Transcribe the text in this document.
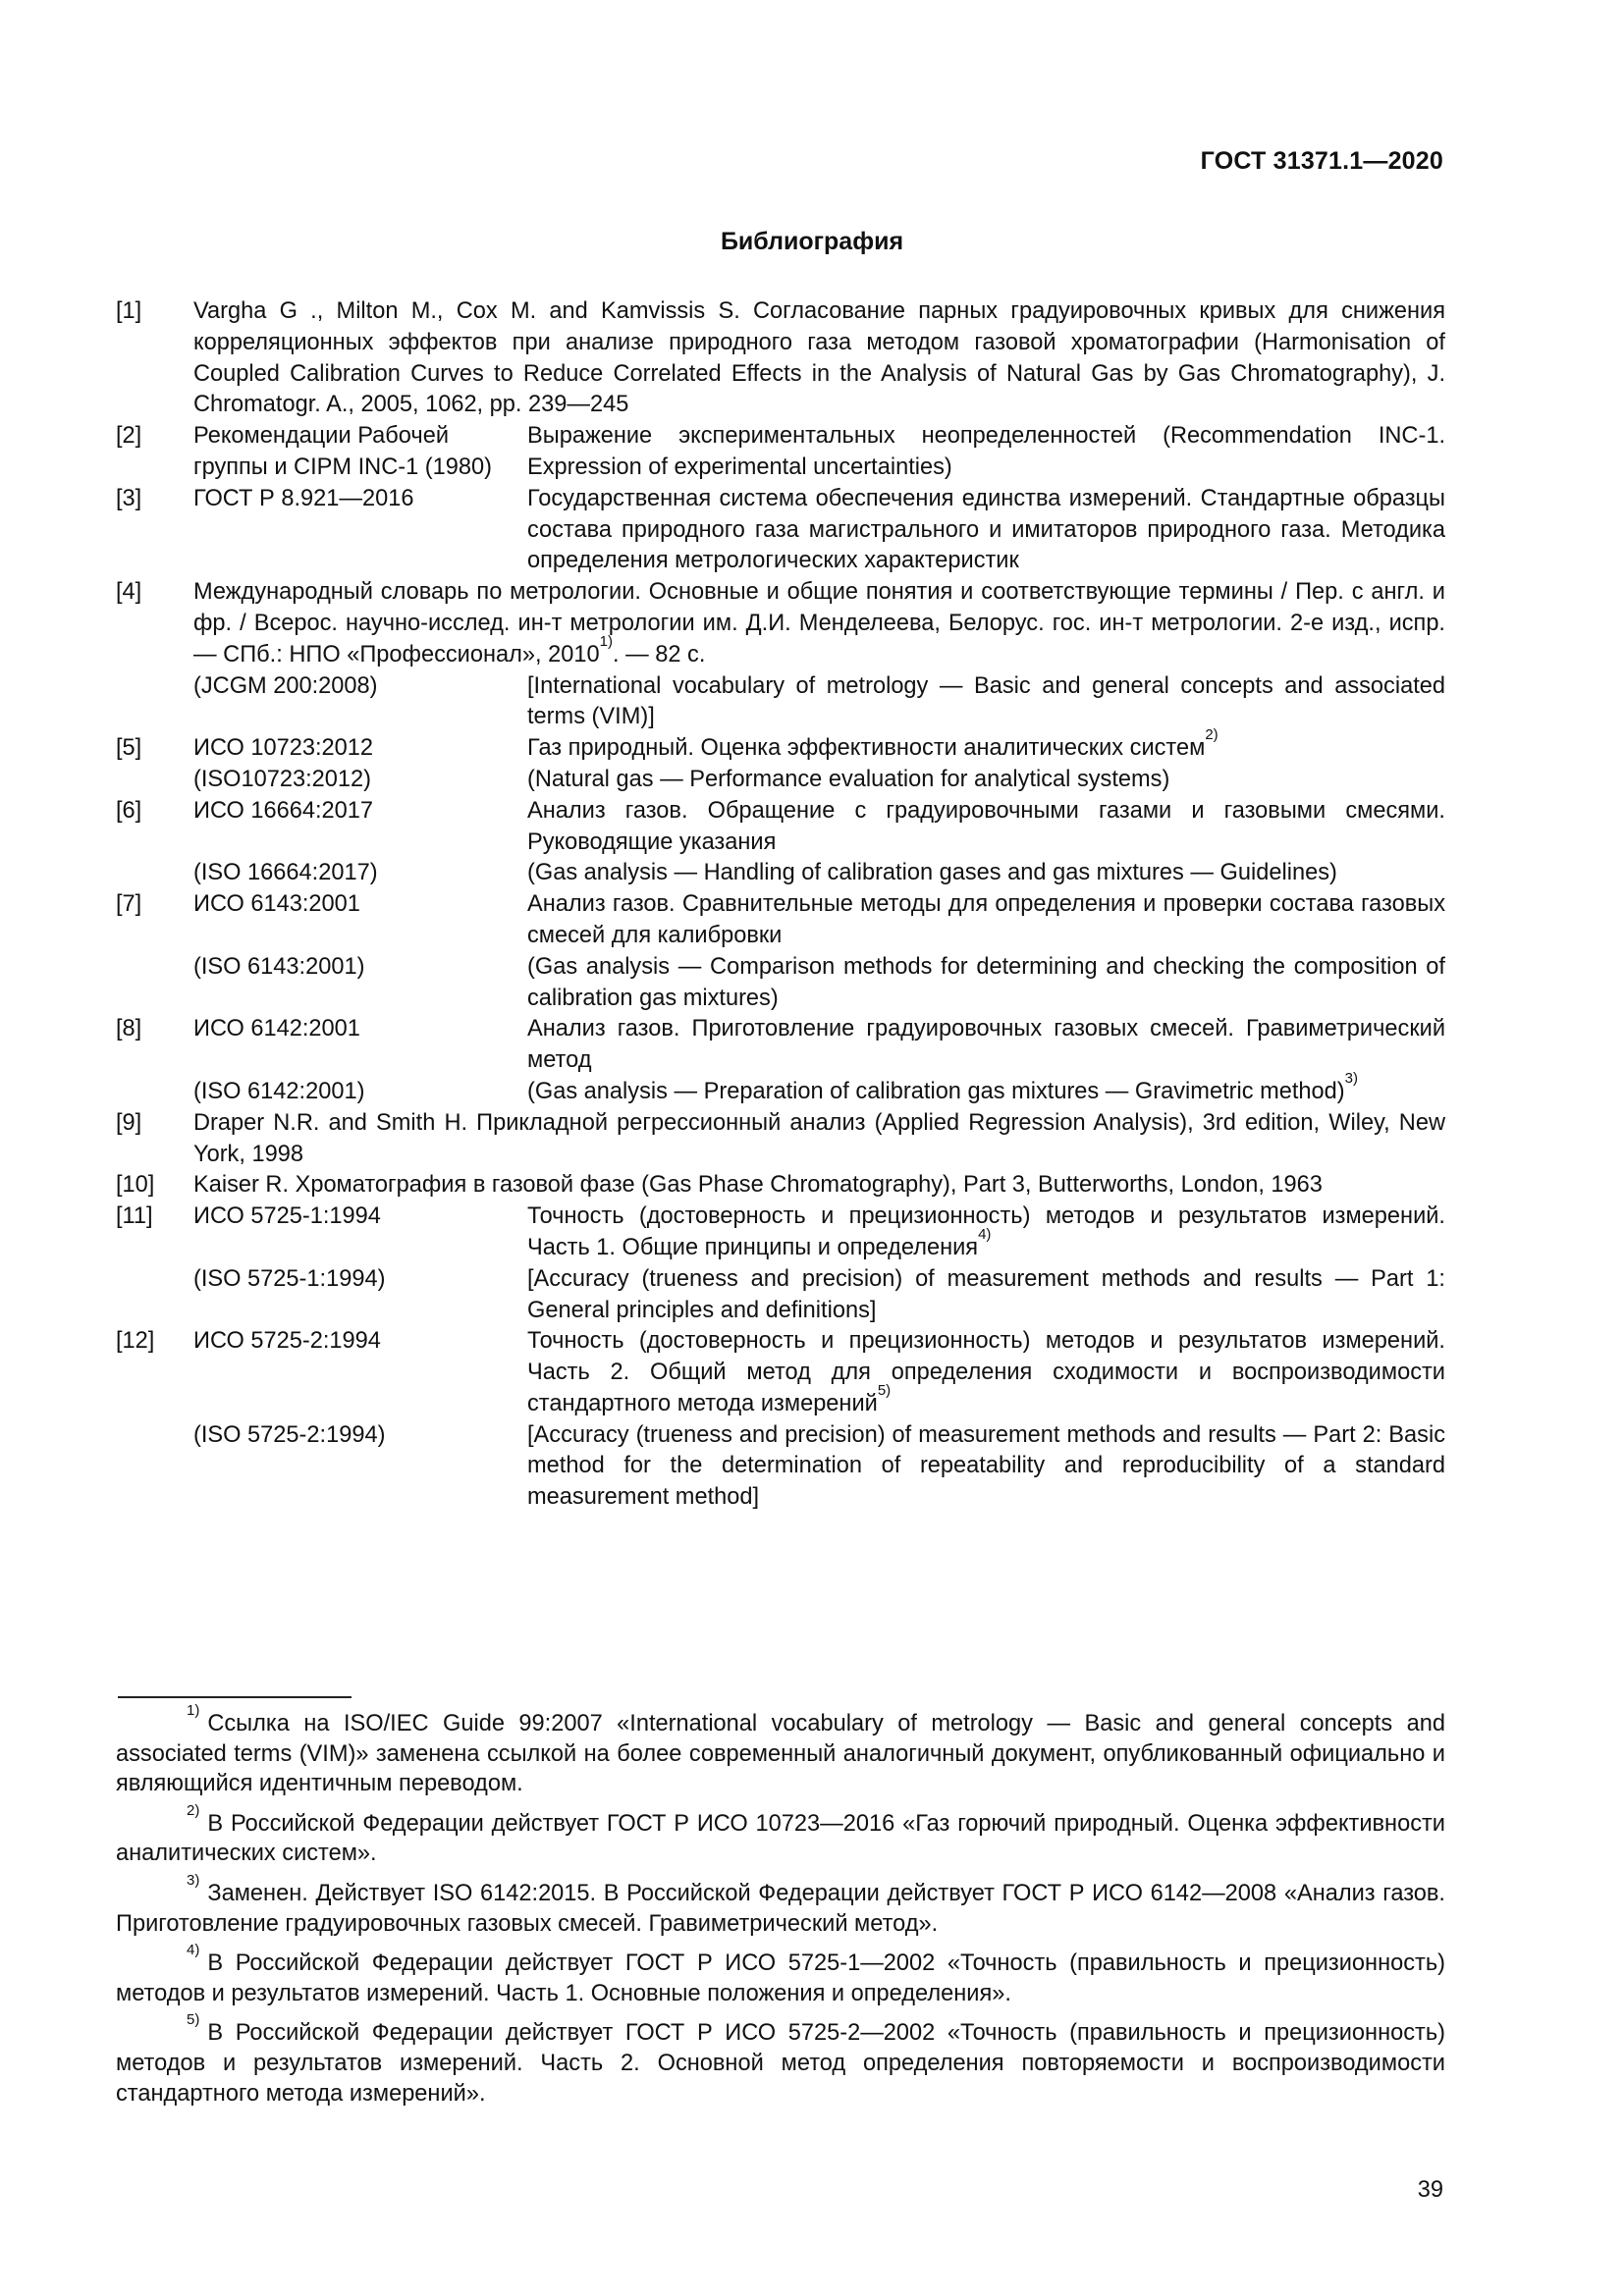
ГОСТ 31371.1—2020
Библиография
[1]	Vargha G ., Milton M., Cox M. and Kamvissis S. Согласование парных градуировочных кривых для снижения корреляционных эффектов при анализе природного газа методом газовой хроматографии (Harmonisation of Coupled Calibration Curves to Reduce Correlated Effects in the Analysis of Natural Gas by Gas Chromatography), J. Chromatogr. A., 2005, 1062, pp. 239—245	
[2]	Рекомендации Рабочей группы и CIPM INC-1 (1980)	Выражение экспериментальных неопределенностей (Recommendation INC-1. Expression of experimental uncertainties)
[3]	ГОСТ Р 8.921—2016	Государственная система обеспечения единства измерений. Стандартные образцы состава природного газа магистрального и имитаторов природного газа. Методика определения метрологических характеристик
[4]	Международный словарь по метрологии. Основные и общие понятия и соответствующие термины / Пер. с англ. и фр. / Всерос. научно-исслед. ин-т метрологии им. Д.И. Менделеева, Белорус. гос. ин-т метрологии. 2-е изд., испр. — СПб.: НПО «Профессионал», 2010$^{1)}$. — 82 с.	
	(JCGM 200:2008)	[International vocabulary of metrology — Basic and general concepts and associated terms (VIM)]
[5]	ИСО 10723:2012	Газ природный. Оценка эффективности аналитических систем$^{2)}$
	(ISO10723:2012)	(Natural gas — Performance evaluation for analytical systems)
[6]	ИСО 16664:2017	Анализ газов. Обращение с градуировочными газами и газовыми смесями. Руководящие указания
	(ISO 16664:2017)	(Gas analysis — Handling of calibration gases and gas mixtures — Guidelines)
[7]	ИСО 6143:2001	Анализ газов. Сравнительные методы для определения и проверки состава газовых смесей для калибровки
	(ISO 6143:2001)	(Gas analysis — Comparison methods for determining and checking the composition of calibration gas mixtures)
[8]	ИСО 6142:2001	Анализ газов. Приготовление градуировочных газовых смесей. Гравиметрический метод
	(ISO 6142:2001)	(Gas analysis — Preparation of calibration gas mixtures — Gravimetric method)$^{3)}$
[9]	Draper N.R. and Smith H. Прикладной регрессионный анализ (Applied Regression Analysis), 3rd edition, Wiley, New York, 1998	
[10]	Kaiser R. Хроматография в газовой фазе (Gas Phase Chromatography), Part 3, Butterworths, London, 1963	
[11]	ИСО 5725-1:1994	Точность (достоверность и прецизионность) методов и результатов измерений. Часть 1. Общие принципы и определения$^{4)}$
	(ISO 5725-1:1994)	[Accuracy (trueness and precision) of measurement methods and results — Part 1: General principles and definitions]
[12]	ИСО 5725-2:1994	Точность (достоверность и прецизионность) методов и результатов измерений. Часть 2. Общий метод для определения сходимости и воспроизводимости стандартного метода измерений$^{5)}$
	(ISO 5725-2:1994)	[Accuracy (trueness and precision) of measurement methods and results — Part 2: Basic method for the determination of repeatability and reproducibility of a standard measurement method]

$^{1)}$Ссылка на ISO/IEC Guide 99:2007 «International vocabulary of metrology — Basic and general concepts and associated terms (VIM)» заменена ссылкой на более современный аналогичный документ, опубликованный официально и являющийся идентичным переводом.

$^{2)}$В Российской Федерации действует ГОСТ Р ИСО 10723—2016 «Газ горючий природный. Оценка эффективности аналитических систем».

$^{3)}$Заменен. Действует ISO 6142:2015. В Российской Федерации действует ГОСТ Р ИСО 6142—2008 «Анализ газов. Приготовление градуировочных газовых смесей. Гравиметрический метод».

$^{4)}$В Российской Федерации действует ГОСТ Р ИСО 5725-1—2002 «Точность (правильность и прецизионность) методов и результатов измерений. Часть 1. Основные положения и определения».

$^{5)}$В Российской Федерации действует ГОСТ Р ИСО 5725-2—2002 «Точность (правильность и прецизионность) методов и результатов измерений. Часть 2. Основной метод определения повторяемости и воспроизводимости стандартного метода измерений».

39
